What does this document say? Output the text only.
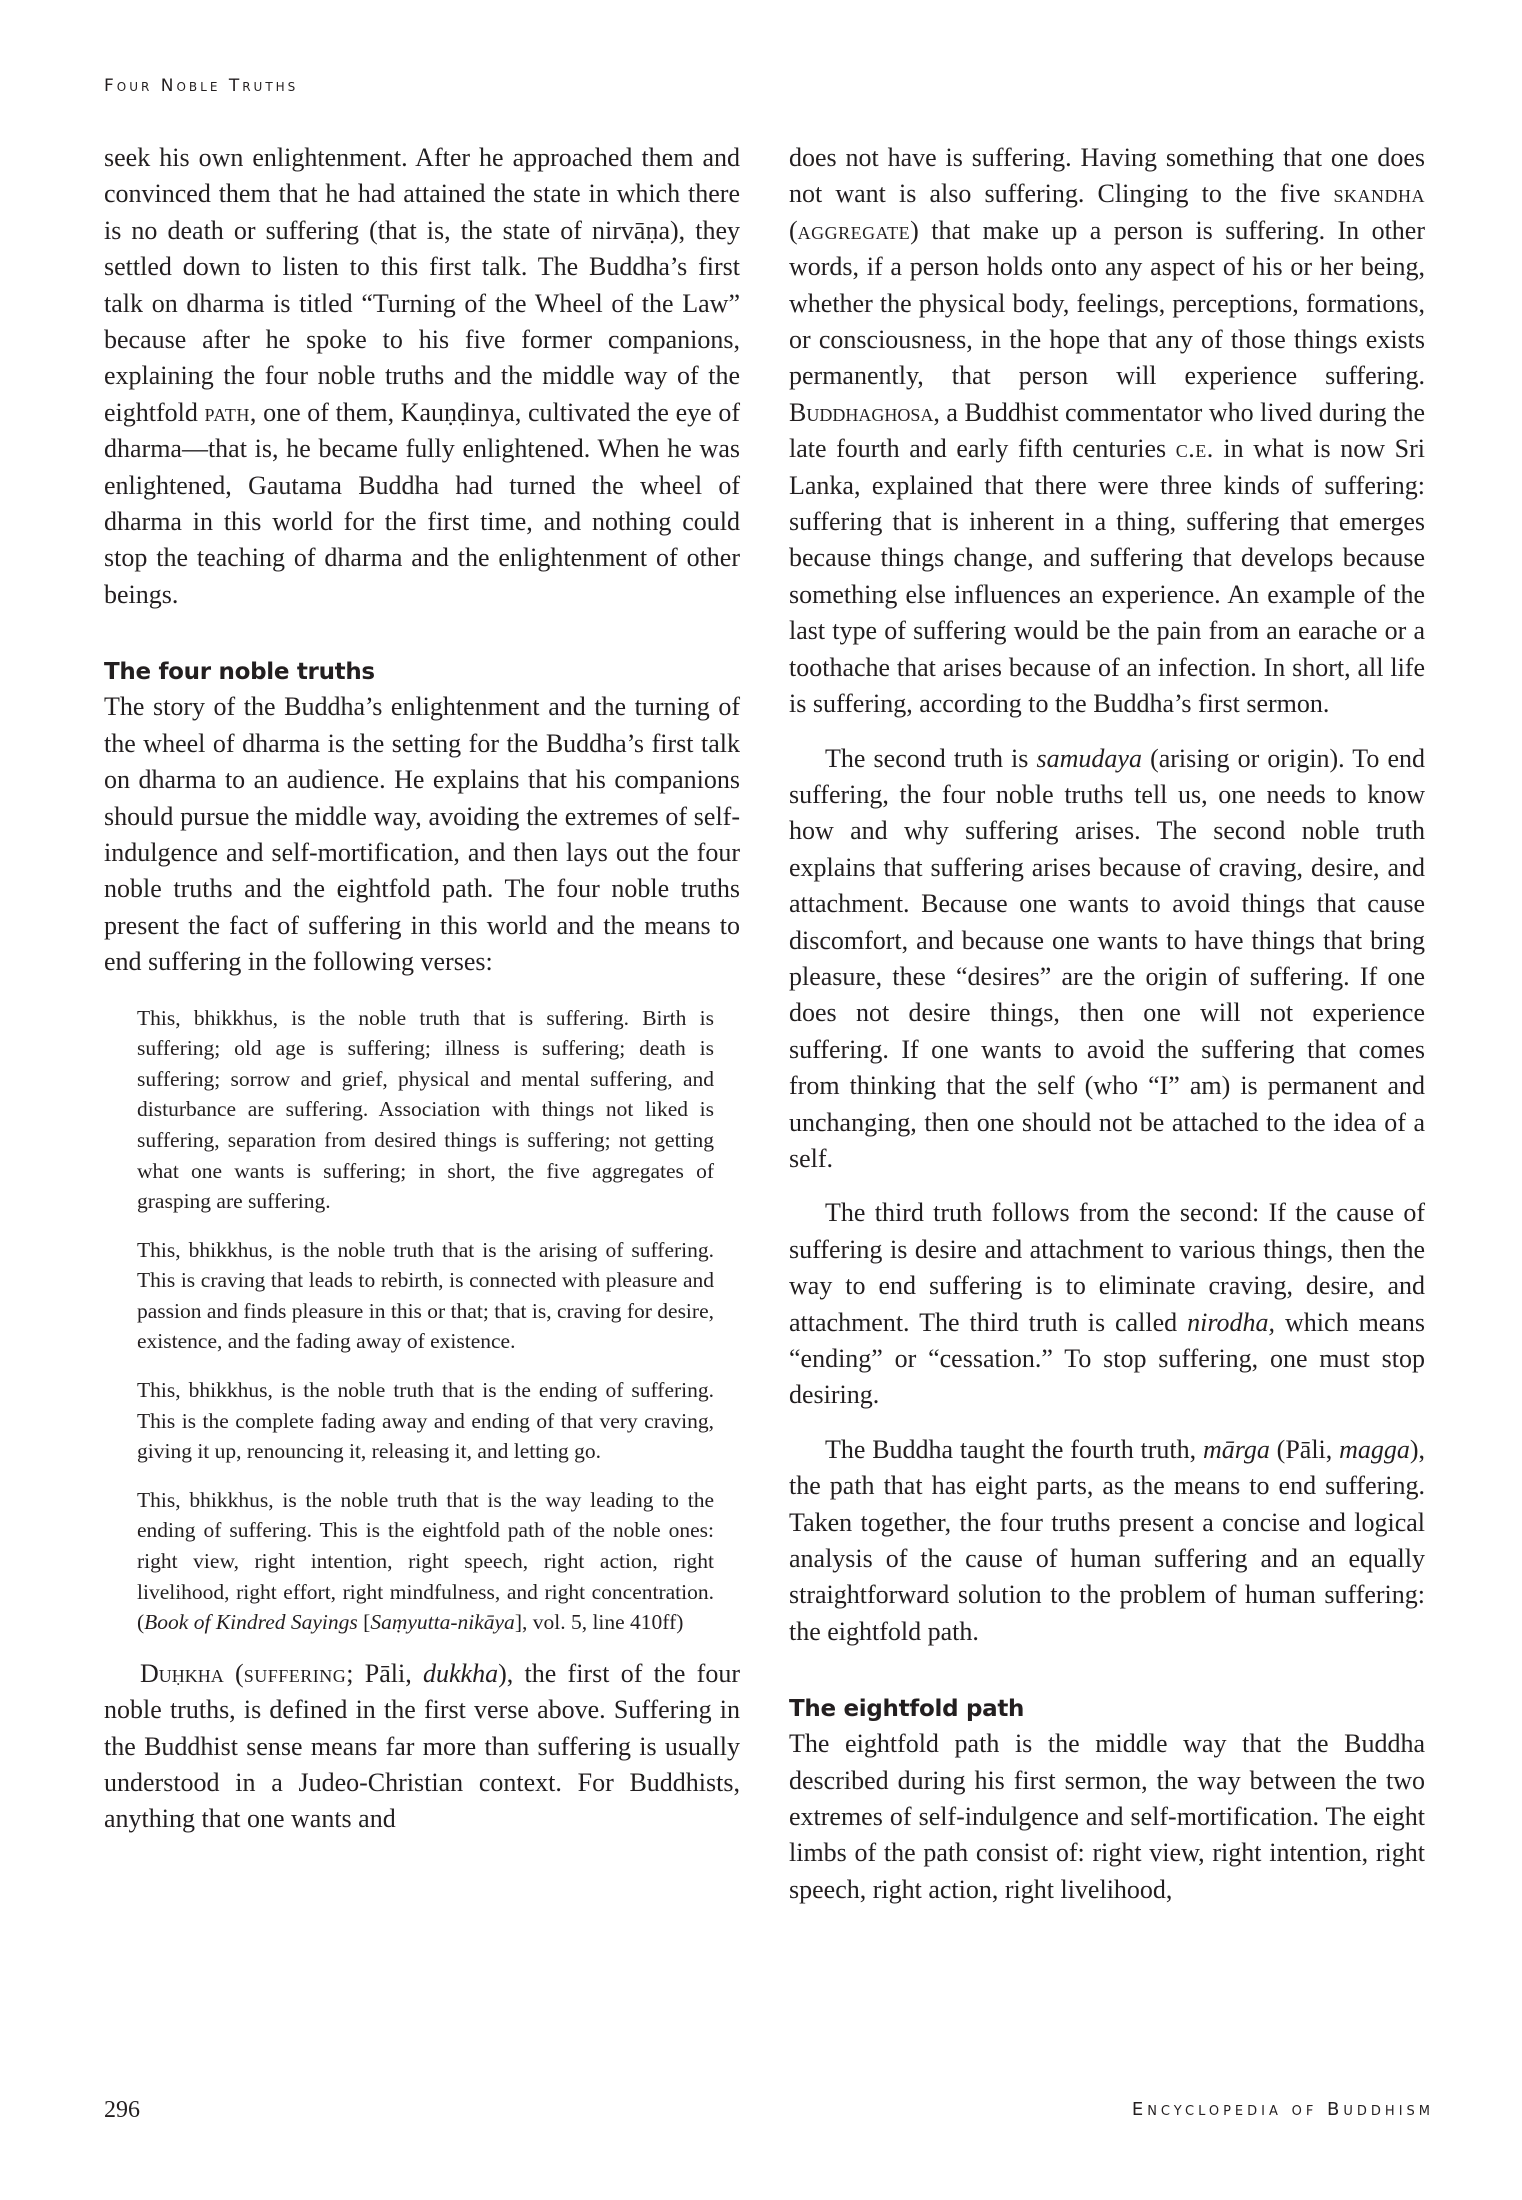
Four Noble Truths

seek his own enlightenment. After he approached them and convinced them that he had attained the state in which there is no death or suffering (that is, the state of nirvāṇa), they settled down to listen to this first talk. The Buddha’s first talk on dharma is titled “Turning of the Wheel of the Law” because after he spoke to his five former companions, explaining the four noble truths and the middle way of the eightfold path, one of them, Kauṇḍinya, cultivated the eye of dharma—that is, he became fully enlightened. When he was enlightened, Gautama Buddha had turned the wheel of dharma in this world for the first time, and nothing could stop the teaching of dharma and the enlightenment of other beings.

The four noble truths

The story of the Buddha’s enlightenment and the turning of the wheel of dharma is the setting for the Buddha’s first talk on dharma to an audience. He explains that his companions should pursue the middle way, avoiding the extremes of self-indulgence and self-mortification, and then lays out the four noble truths and the eightfold path. The four noble truths present the fact of suffering in this world and the means to end suffering in the following verses:

This, bhikkhus, is the noble truth that is suffering. Birth is suffering; old age is suffering; illness is suffering; death is suffering; sorrow and grief, physical and mental suffering, and disturbance are suffering. Association with things not liked is suffering, separation from desired things is suffering; not getting what one wants is suffering; in short, the five aggregates of grasping are suffering.

This, bhikkhus, is the noble truth that is the arising of suffering. This is craving that leads to rebirth, is connected with pleasure and passion and finds pleasure in this or that; that is, craving for desire, existence, and the fading away of existence.

This, bhikkhus, is the noble truth that is the ending of suffering. This is the complete fading away and ending of that very craving, giving it up, renouncing it, releasing it, and letting go.

This, bhikkhus, is the noble truth that is the way leading to the ending of suffering. This is the eightfold path of the noble ones: right view, right intention, right speech, right action, right livelihood, right effort, right mindfulness, and right concentration. (Book of Kindred Sayings [Saṃyutta-nikāya], vol. 5, line 410ff)

Duḥkha (suffering; Pāli, dukkha), the first of the four noble truths, is defined in the first verse above. Suffering in the Buddhist sense means far more than suffering is usually understood in a Judeo-Christian context. For Buddhists, anything that one wants and

does not have is suffering. Having something that one does not want is also suffering. Clinging to the five skandha (aggregate) that make up a person is suffering. In other words, if a person holds onto any aspect of his or her being, whether the physical body, feelings, perceptions, formations, or consciousness, in the hope that any of those things exists permanently, that person will experience suffering. Buddhaghosa, a Buddhist commentator who lived during the late fourth and early fifth centuries c.e. in what is now Sri Lanka, explained that there were three kinds of suffering: suffering that is inherent in a thing, suffering that emerges because things change, and suffering that develops because something else influences an experience. An example of the last type of suffering would be the pain from an earache or a toothache that arises because of an infection. In short, all life is suffering, according to the Buddha’s first sermon.

The second truth is samudaya (arising or origin). To end suffering, the four noble truths tell us, one needs to know how and why suffering arises. The second noble truth explains that suffering arises because of craving, desire, and attachment. Because one wants to avoid things that cause discomfort, and because one wants to have things that bring pleasure, these “desires” are the origin of suffering. If one does not desire things, then one will not experience suffering. If one wants to avoid the suffering that comes from thinking that the self (who “I” am) is permanent and unchanging, then one should not be attached to the idea of a self.

The third truth follows from the second: If the cause of suffering is desire and attachment to various things, then the way to end suffering is to eliminate craving, desire, and attachment. The third truth is called nirodha, which means “ending” or “cessation.” To stop suffering, one must stop desiring.

The Buddha taught the fourth truth, mārga (Pāli, magga), the path that has eight parts, as the means to end suffering. Taken together, the four truths present a concise and logical analysis of the cause of human suffering and an equally straightforward solution to the problem of human suffering: the eightfold path.

The eightfold path

The eightfold path is the middle way that the Buddha described during his first sermon, the way between the two extremes of self-indulgence and self-mortification. The eight limbs of the path consist of: right view, right intention, right speech, right action, right livelihood,

296	Encyclopedia of Buddhism
